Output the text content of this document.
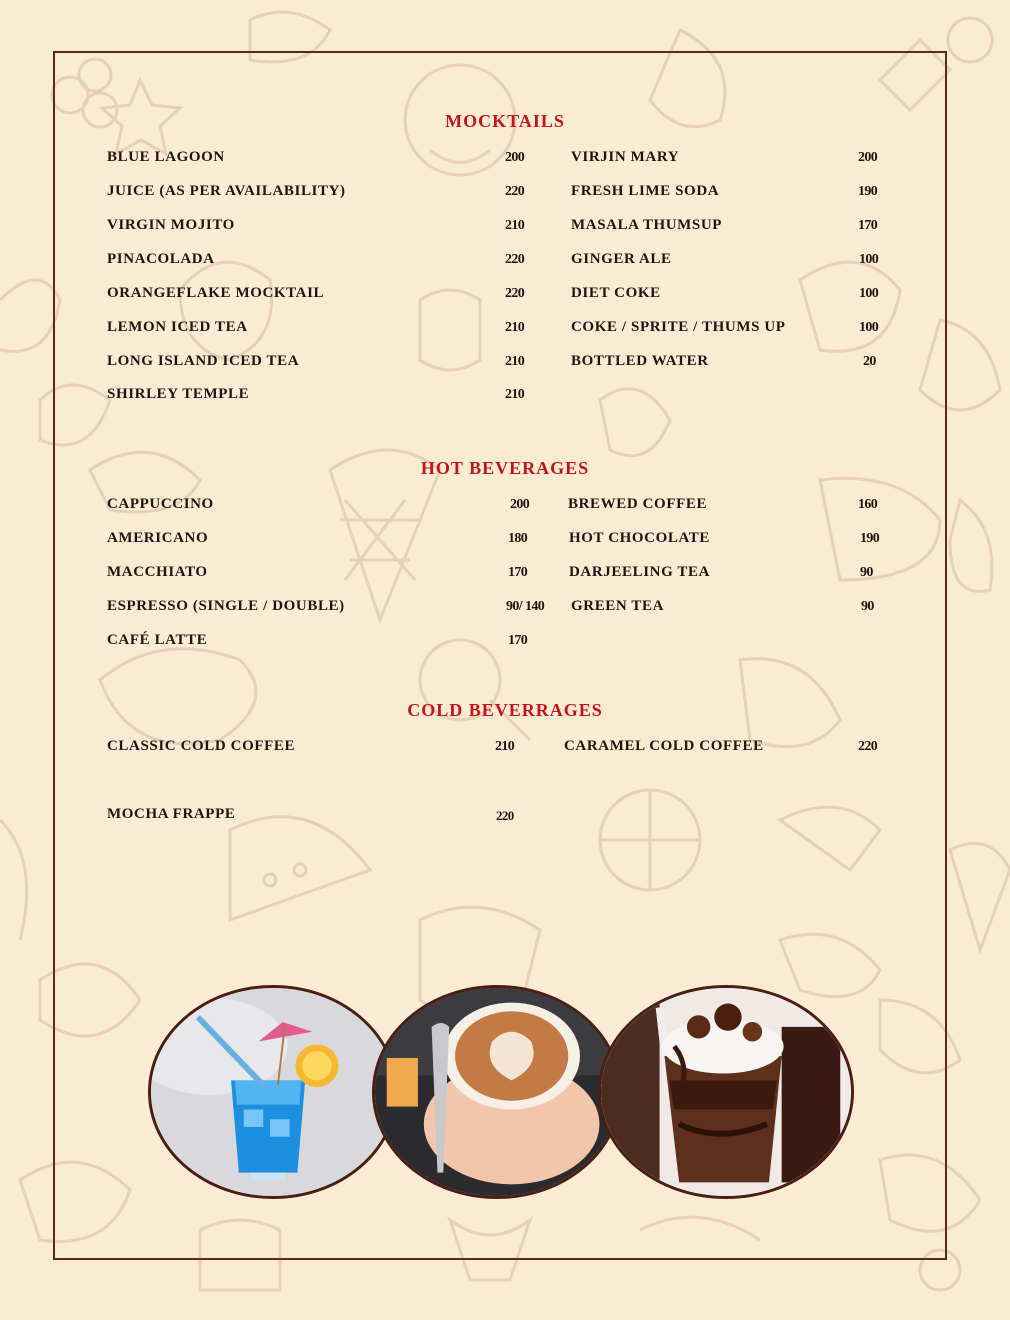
MOCKTAILS
BLUE LAGOON	200
JUICE (AS PER AVAILABILITY)	220
VIRGIN MOJITO	210
PINACOLADA	220
ORANGEFLAKE MOCKTAIL	220
LEMON ICED TEA	210
LONG ISLAND ICED TEA	210
SHIRLEY TEMPLE	210
VIRJIN MARY	200
FRESH LIME SODA	190
MASALA THUMSUP	170
GINGER ALE	100
DIET COKE	100
COKE / SPRITE / THUMS UP	100
BOTTLED WATER	20
HOT BEVERAGES
CAPPUCCINO	200
AMERICANO	180
MACCHIATO	170
ESPRESSO (SINGLE / DOUBLE)	90/ 140
CAFÉ LATTE	170
BREWED COFFEE	160
HOT CHOCOLATE	190
DARJEELING TEA	90
GREEN TEA	90
COLD BEVERRAGES
CLASSIC COLD COFFEE	210
MOCHA FRAPPE	220
CARAMEL COLD COFFEE	220
